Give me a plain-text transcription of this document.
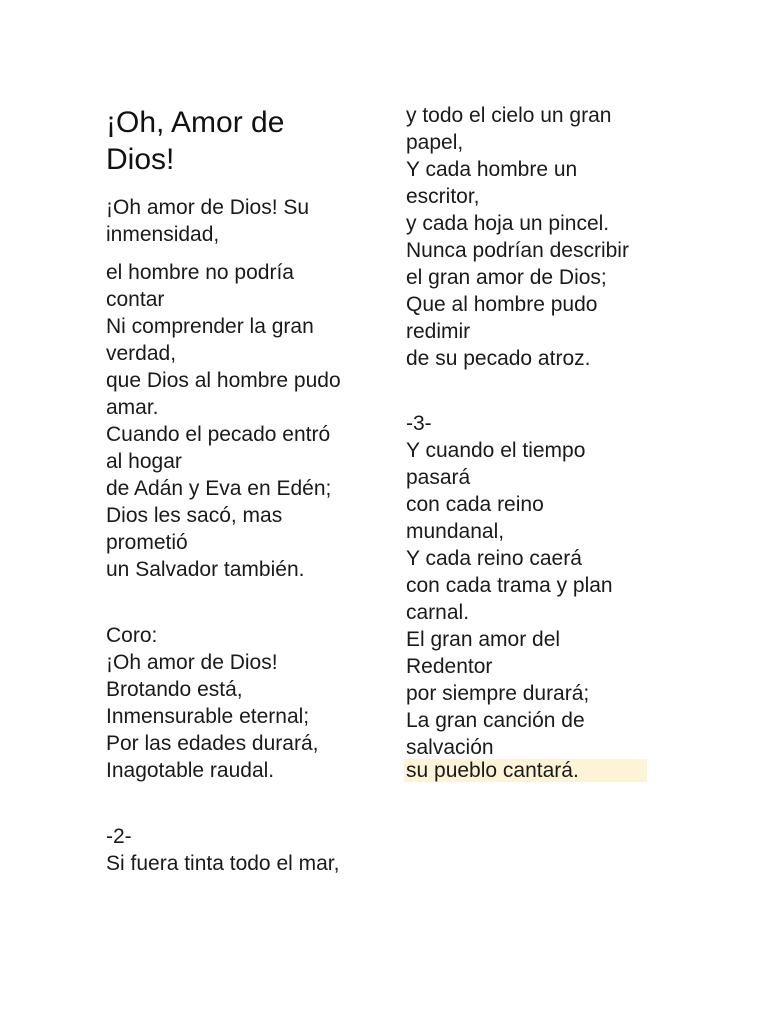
¡Oh, Amor de Dios!

¡Oh amor de Dios! Su

inmensidad,

el hombre no podría

contar

Ni comprender la gran

verdad,

que Dios al hombre pudo

amar.

Cuando el pecado entró

al hogar

de Adán y Eva en Edén;

Dios les sacó, mas

prometió

un Salvador también.

Coro:

¡Oh amor de Dios!

Brotando está,

Inmensurable eternal;

Por las edades durará,

Inagotable raudal.

-2-

Si fuera tinta todo el mar,

y todo el cielo un gran

papel,

Y cada hombre un

escritor,

y cada hoja un pincel.

Nunca podrían describir

el gran amor de Dios;

Que al hombre pudo

redimir

de su pecado atroz.

-3-

Y cuando el tiempo

pasará

con cada reino

mundanal,

Y cada reino caerá

con cada trama y plan

carnal.

El gran amor del

Redentor

por siempre durará;

La gran canción de

salvación

su pueblo cantará.
